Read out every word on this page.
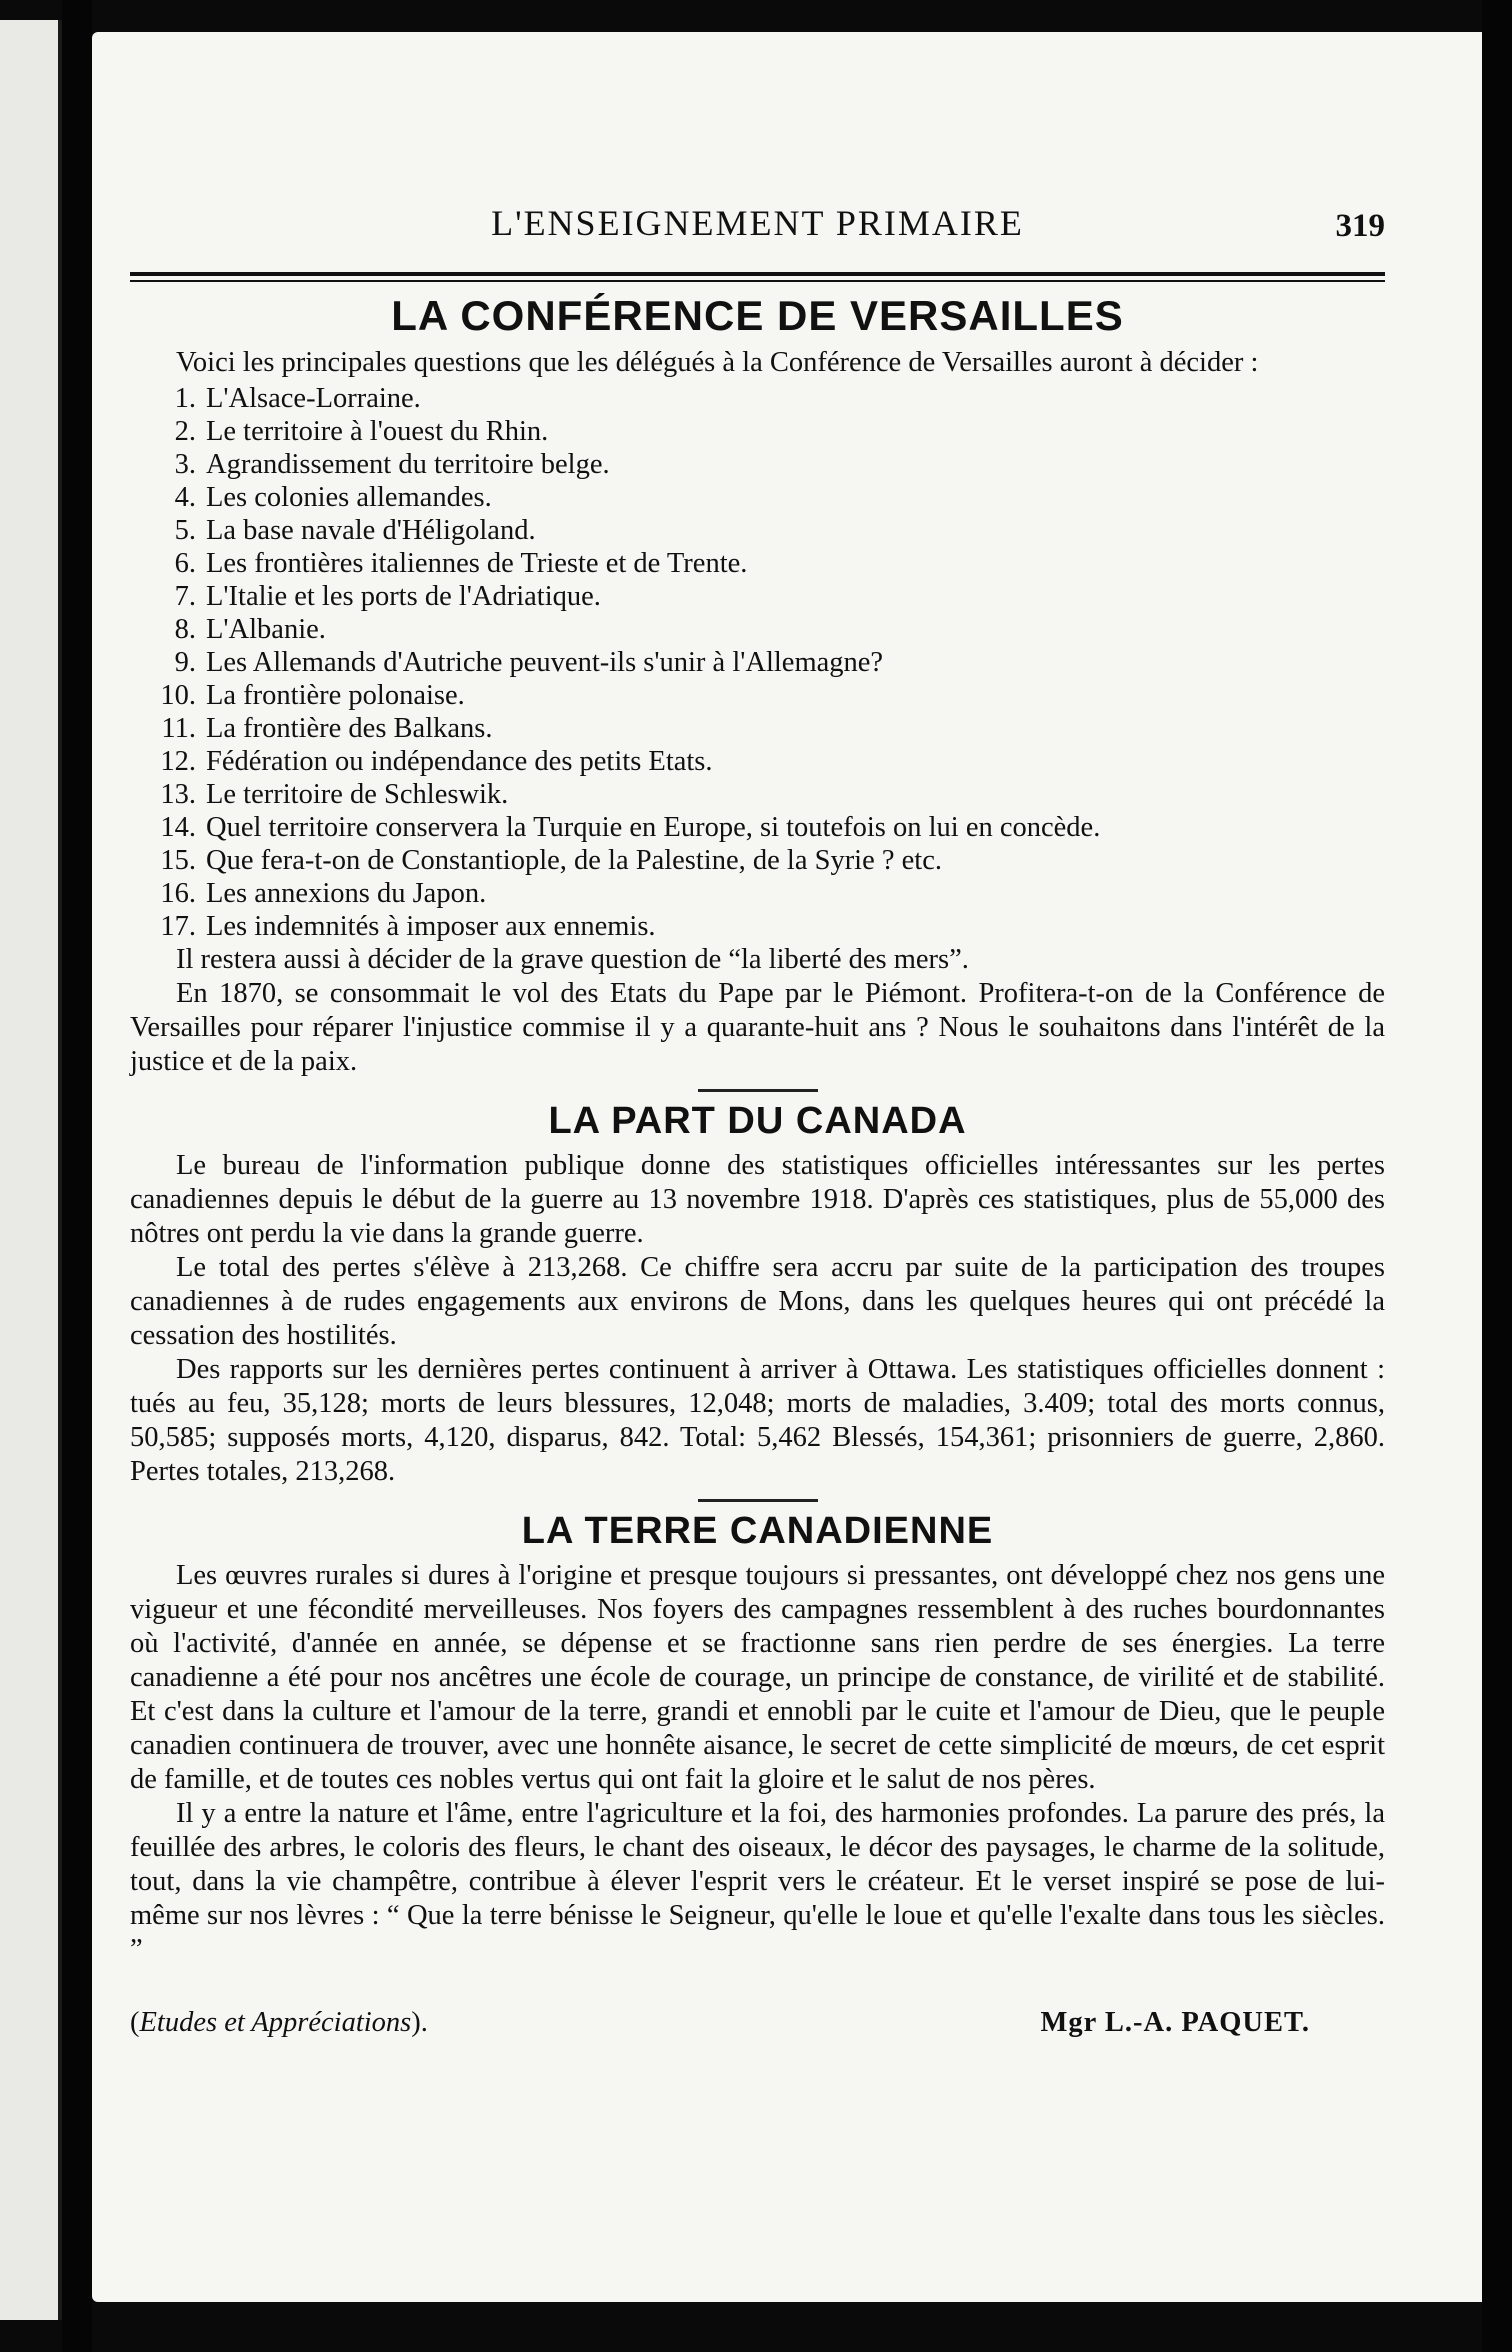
L'ENSEIGNEMENT PRIMAIRE	319
LA CONFÉRENCE DE VERSAILLES

Voici les principales questions que les délégués à la Conférence de Versailles auront à décider :

1. L'Alsace-Lorraine.
2. Le territoire à l'ouest du Rhin.
3. Agrandissement du territoire belge.
4. Les colonies allemandes.
5. La base navale d'Héligoland.
6. Les frontières italiennes de Trieste et de Trente.
7. L'Italie et les ports de l'Adriatique.
8. L'Albanie.
9. Les Allemands d'Autriche peuvent-ils s'unir à l'Allemagne?
10. La frontière polonaise.
11. La frontière des Balkans.
12. Fédération ou indépendance des petits Etats.
13. Le territoire de Schleswik.
14. Quel territoire conservera la Turquie en Europe, si toutefois on lui en concède.
15. Que fera-t-on de Constantiople, de la Palestine, de la Syrie ? etc.
16. Les annexions du Japon.
17. Les indemnités à imposer aux ennemis.

Il restera aussi à décider de la grave question de “la liberté des mers”.

En 1870, se consommait le vol des Etats du Pape par le Piémont. Profitera-t-on de la Conférence de Versailles pour réparer l'injustice commise il y a quarante-huit ans ? Nous le souhaitons dans l'intérêt de la justice et de la paix.

LA PART DU CANADA

Le bureau de l'information publique donne des statistiques officielles intéressantes sur les pertes canadiennes depuis le début de la guerre au 13 novembre 1918. D'après ces statistiques, plus de 55,000 des nôtres ont perdu la vie dans la grande guerre.

Le total des pertes s'élève à 213,268. Ce chiffre sera accru par suite de la participation des troupes canadiennes à de rudes engagements aux environs de Mons, dans les quelques heures qui ont précédé la cessation des hostilités.

Des rapports sur les dernières pertes continuent à arriver à Ottawa. Les statistiques officielles donnent : tués au feu, 35,128; morts de leurs blessures, 12,048; morts de maladies, 3.409; total des morts connus, 50,585; supposés morts, 4,120, disparus, 842. Total: 5,462 Blessés, 154,361; prisonniers de guerre, 2,860. Pertes totales, 213,268.

LA TERRE CANADIENNE

Les œuvres rurales si dures à l'origine et presque toujours si pressantes, ont développé chez nos gens une vigueur et une fécondité merveilleuses. Nos foyers des campagnes ressemblent à des ruches bourdonnantes où l'activité, d'année en année, se dépense et se fractionne sans rien perdre de ses énergies. La terre canadienne a été pour nos ancêtres une école de courage, un principe de constance, de virilité et de stabilité. Et c'est dans la culture et l'amour de la terre, grandi et ennobli par le cuite et l'amour de Dieu, que le peuple canadien continuera de trouver, avec une honnête aisance, le secret de cette simplicité de mœurs, de cet esprit de famille, et de toutes ces nobles vertus qui ont fait la gloire et le salut de nos pères.

Il y a entre la nature et l'âme, entre l'agriculture et la foi, des harmonies profondes. La parure des prés, la feuillée des arbres, le coloris des fleurs, le chant des oiseaux, le décor des paysages, le charme de la solitude, tout, dans la vie champêtre, contribue à élever l'esprit vers le créateur. Et le verset inspiré se pose de lui-même sur nos lèvres : “ Que la terre bénisse le Seigneur, qu'elle le loue et qu'elle l'exalte dans tous les siècles. ”

(Etudes et Appréciations).	Mgr L.-A. PAQUET.
